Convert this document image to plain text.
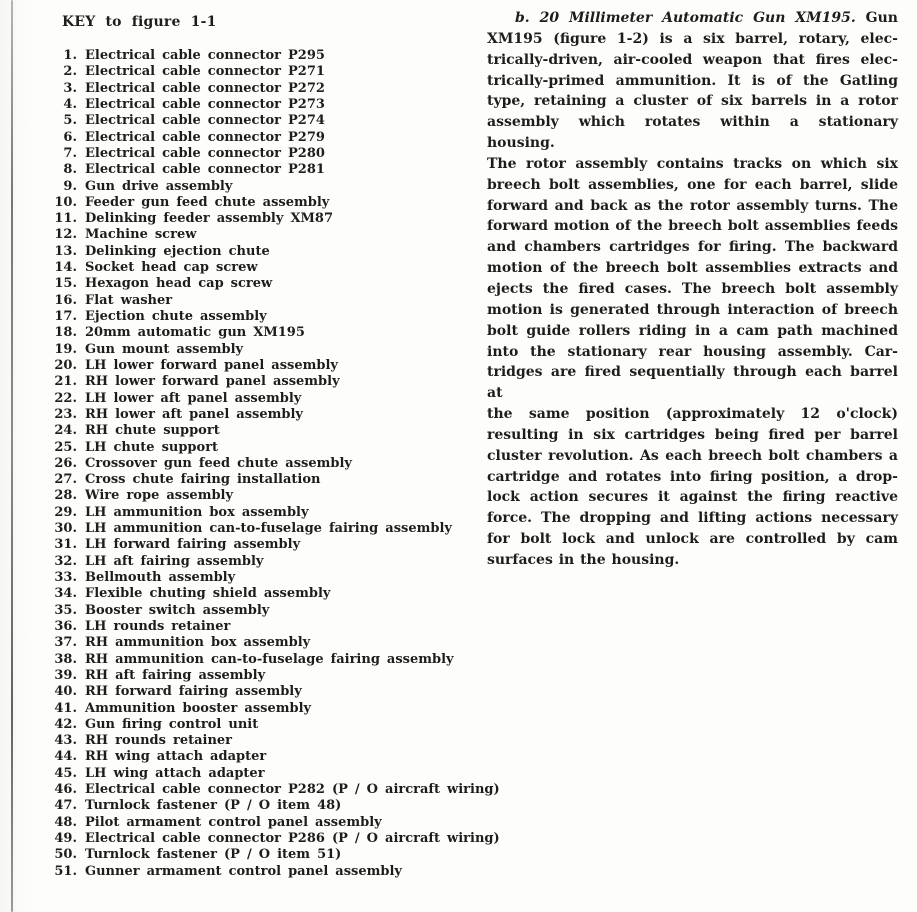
KEY to figure 1-1
1. Electrical cable connector P295
2. Electrical cable connector P271
3. Electrical cable connector P272
4. Electrical cable connector P273
5. Electrical cable connector P274
6. Electrical cable connector P279
7. Electrical cable connector P280
8. Electrical cable connector P281
9. Gun drive assembly
10. Feeder gun feed chute assembly
11. Delinking feeder assembly XM87
12. Machine screw
13. Delinking ejection chute
14. Socket head cap screw
15. Hexagon head cap screw
16. Flat washer
17. Ejection chute assembly
18. 20mm automatic gun XM195
19. Gun mount assembly
20. LH lower forward panel assembly
21. RH lower forward panel assembly
22. LH lower aft panel assembly
23. RH lower aft panel assembly
24. RH chute support
25. LH chute support
26. Crossover gun feed chute assembly
27. Cross chute fairing installation
28. Wire rope assembly
29. LH ammunition box assembly
30. LH ammunition can-to-fuselage fairing assembly
31. LH forward fairing assembly
32. LH aft fairing assembly
33. Bellmouth assembly
34. Flexible chuting shield assembly
35. Booster switch assembly
36. LH rounds retainer
37. RH ammunition box assembly
38. RH ammunition can-to-fuselage fairing assembly
39. RH aft fairing assembly
40. RH forward fairing assembly
41. Ammunition booster assembly
42. Gun firing control unit
43. RH rounds retainer
44. RH wing attach adapter
45. LH wing attach adapter
46. Electrical cable connector P282 (P / O aircraft wiring)
47. Turnlock fastener (P / O item 48)
48. Pilot armament control panel assembly
49. Electrical cable connector P286 (P / O aircraft wiring)
50. Turnlock fastener (P / O item 51)
51. Gunner armament control panel assembly
b. 20 Millimeter Automatic Gun XM195. Gun
XM195 (figure 1-2) is a six barrel, rotary, elec-
trically-driven, air-cooled weapon that fires elec-
trically-primed ammunition. It is of the Gatling
type, retaining a cluster of six barrels in a rotor
assembly which rotates within a stationary housing.
The rotor assembly contains tracks on which six
breech bolt assemblies, one for each barrel, slide
forward and back as the rotor assembly turns. The
forward motion of the breech bolt assemblies feeds
and chambers cartridges for firing. The backward
motion of the breech bolt assemblies extracts and
ejects the fired cases. The breech bolt assembly
motion is generated through interaction of breech
bolt guide rollers riding in a cam path machined
into the stationary rear housing assembly. Car-
tridges are fired sequentially through each barrel at
the same position (approximately 12 o'clock)
resulting in six cartridges being fired per barrel
cluster revolution. As each breech bolt chambers a
cartridge and rotates into firing position, a drop-
lock action secures it against the firing reactive
force. The dropping and lifting actions necessary
for bolt lock and unlock are controlled by cam
surfaces in the housing.
